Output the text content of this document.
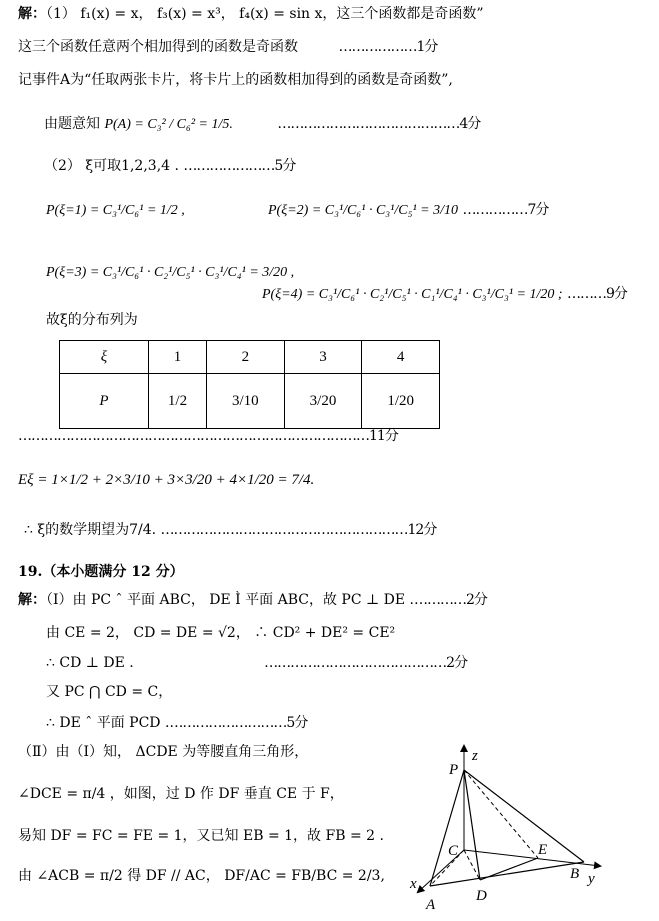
解：（1） f₁(x) = x， f₃(x) = x³， f₄(x) = sin x，这三个函数都是奇函数”
这三个函数任意两个相加得到的函数是奇函数	………………1分
记事件A为“任取两张卡片，将卡片上的函数相加得到的函数是奇函数”,
由题意知 P(A) = C₃² / C₆² = 1/5.	……………………………………4分
（2） ξ可取1,2,3,4 . …………………5分
P(ξ=1) = C₃¹/C₆¹ = 1/2 ,	P(ξ=2) = C₃¹/C₆¹ · C₃¹/C₅¹ = 3/10 ……………7分
P(ξ=3) = C₃¹/C₆¹ · C₂¹/C₅¹ · C₃¹/C₄¹ = 3/20 ,
P(ξ=4) = C₃¹/C₆¹ · C₂¹/C₅¹ · C₁¹/C₄¹ · C₃¹/C₃¹ = 1/20 ; ………9分
故ξ的分布列为
ξ	1	2	3	4
P	1/2	3/10	3/20	1/20
………………………………………………………………………11分
Eξ = 1×1/2 + 2×3/10 + 3×3/20 + 4×1/20 = 7/4.
∴ ξ的数学期望为7/4. …………………………………………………12分
19.（本小题满分 12 分）
解：（Ⅰ）由 PC ˆ 平面 ABC， DE Ì 平面 ABC，故 PC ⊥ DE .…………2分
由 CE = 2， CD = DE = √2， ∴ CD² + DE² = CE²
∴ CD ⊥ DE .	……………………………………2分
又 PC ⋂ CD = C，
∴ DE ˆ 平面 PCD .………………………5分
（Ⅱ）由（Ⅰ）知， ΔCDE 为等腰直角三角形，
∠DCE = π/4 ，如图，过 D 作 DF 垂直 CE 于 F，
易知 DF = FC = FE = 1，又已知 EB = 1，故 FB = 2 .
由 ∠ACB = π/2 得 DF // AC， DF/AC = FB/BC = 2/3,
P
z
C	E
B y
x
A
D
